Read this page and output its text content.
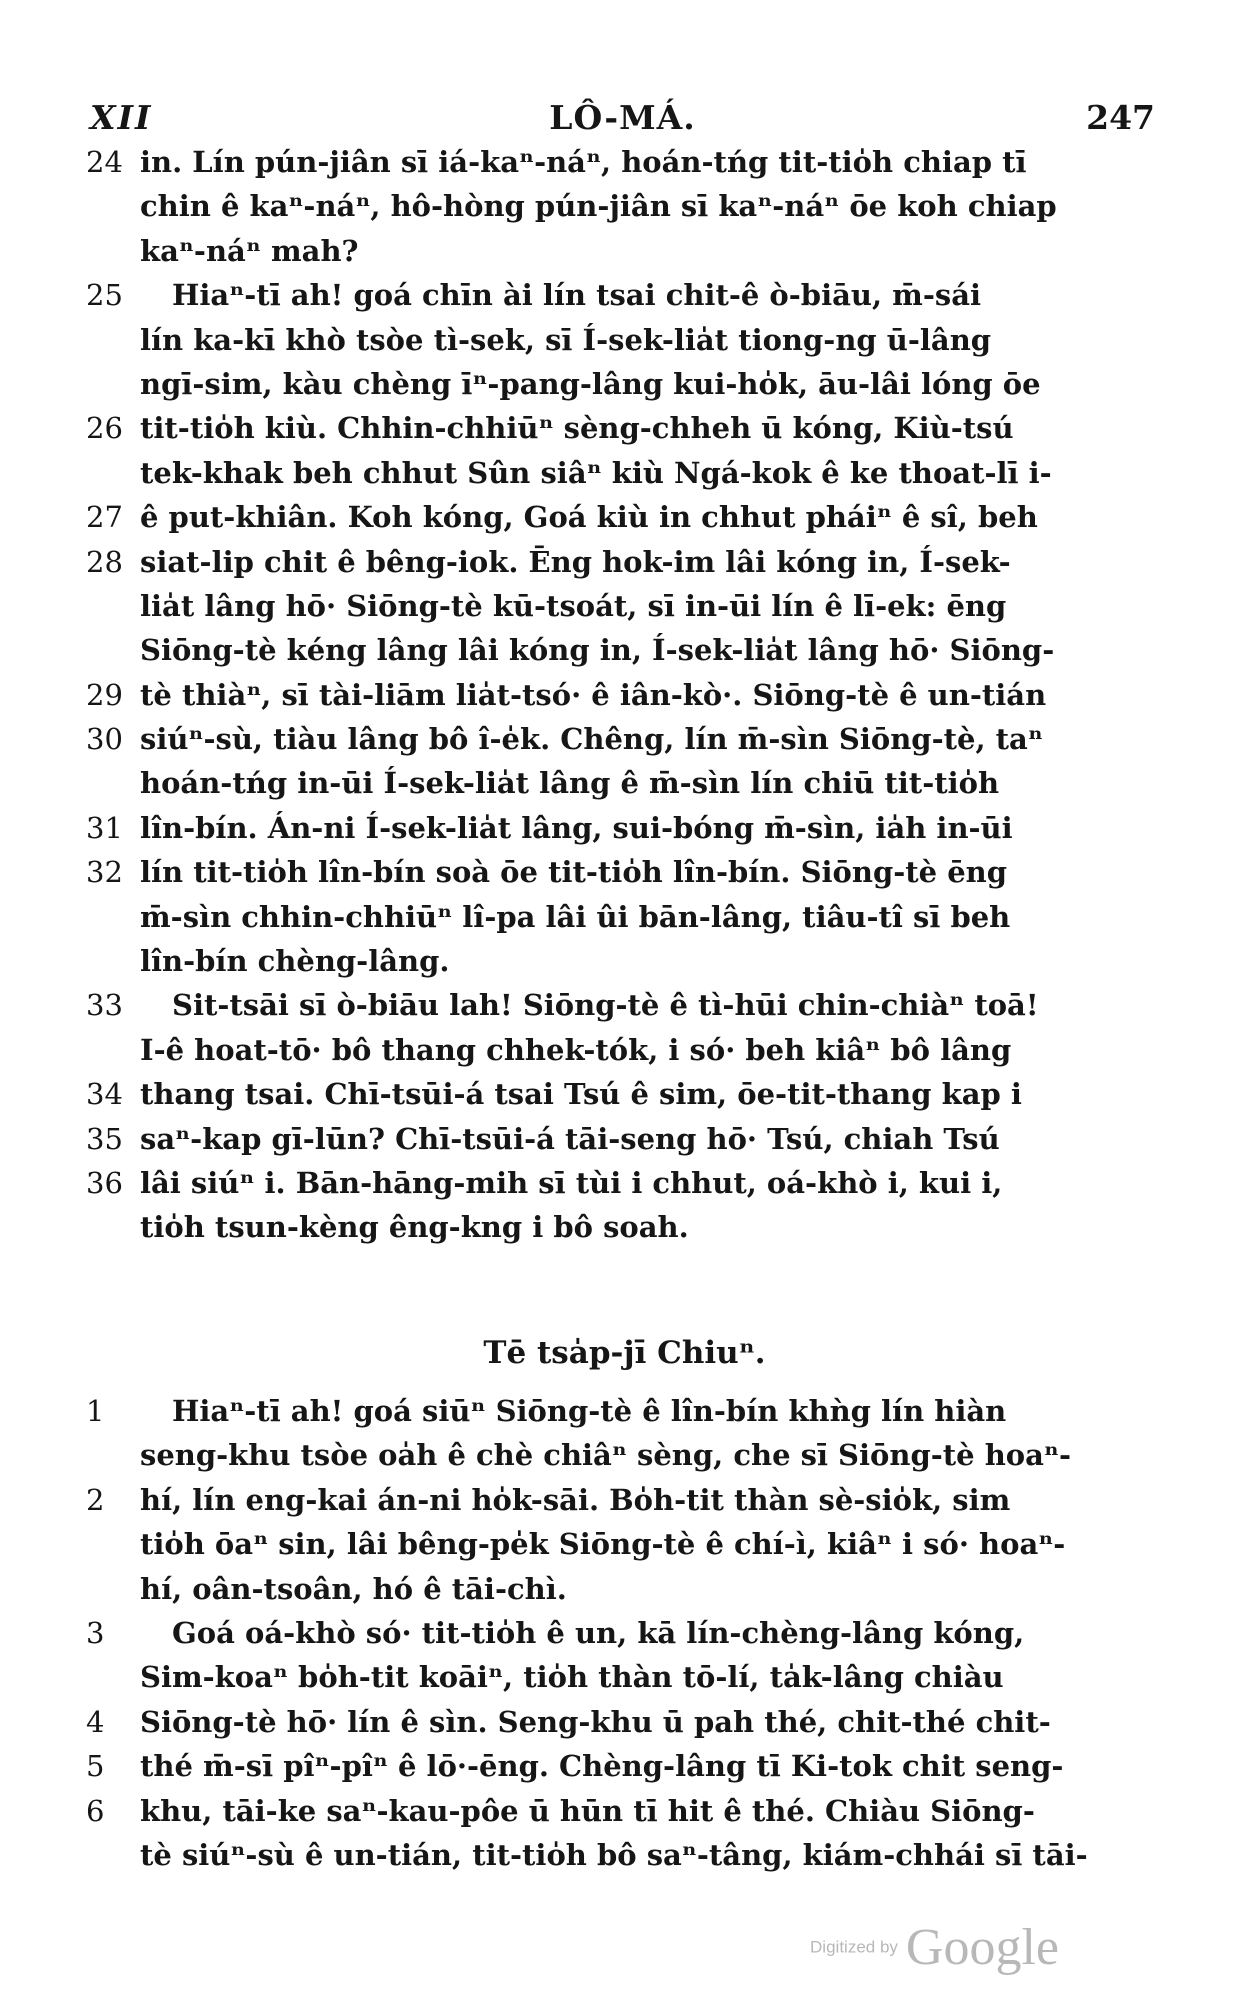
LÔ-MÁ.
XII	247
24 in. Lín pún-jiân sī iá-kaⁿ-náⁿ, hoán-tńg tit-tio̍h chiap tī
chin ê kaⁿ-náⁿ, hô-hòng pún-jiân sī kaⁿ-náⁿ ōe koh chiap
kaⁿ-náⁿ mah?
25 Hiaⁿ-tī ah! goá chīn ài lín tsai chit-ê ò-biāu, m̄-sái
lín ka-kī khò tsòe tì-sek, sī Í-sek-lia̍t tiong-ng ū-lâng
ngī-sim, kàu chèng īⁿ-pang-lâng kui-ho̍k, āu-lâi lóng ōe
26 tit-tio̍h kiù. Chhin-chhiūⁿ sèng-chheh ū kóng, Kiù-tsú
tek-khak beh chhut Sûn siâⁿ kiù Ngá-kok ê ke thoat-lī i-
27 ê put-khiân. Koh kóng, Goá kiù in chhut pháiⁿ ê sî, beh
28 siat-lip chit ê bêng-iok. Ēng hok-im lâi kóng in, Í-sek-
lia̍t lâng hō· Siōng-tè kū-tsoát, sī in-ūi lín ê lī-ek: ēng
Siōng-tè kéng lâng lâi kóng in, Í-sek-lia̍t lâng hō· Siōng-
29 tè thiàⁿ, sī tài-liām lia̍t-tsó· ê iân-kò·. Siōng-tè ê un-tián
30 siúⁿ-sù, tiàu lâng bô î-e̍k. Chêng, lín m̄-sìn Siōng-tè, taⁿ
hoán-tńg in-ūi Í-sek-lia̍t lâng ê m̄-sìn lín chiū tit-tio̍h
31 lîn-bín. Án-ni Í-sek-lia̍t lâng, sui-bóng m̄-sìn, ia̍h in-ūi
32 lín tit-tio̍h lîn-bín soà ōe tit-tio̍h lîn-bín. Siōng-tè ēng
m̄-sìn chhin-chhiūⁿ lî-pa lâi ûi bān-lâng, tiâu-tî sī beh
lîn-bín chèng-lâng.
33 Sit-tsāi sī ò-biāu lah! Siōng-tè ê tì-hūi chin-chiàⁿ toā!
I-ê hoat-tō· bô thang chhek-tók, i só· beh kiâⁿ bô lâng
34 thang tsai. Chī-tsūi-á tsai Tsú ê sim, ōe-tit-thang kap i
35 saⁿ-kap gī-lūn? Chī-tsūi-á tāi-seng hō· Tsú, chiah Tsú
36 lâi siúⁿ i. Bān-hāng-mih sī tùi i chhut, oá-khò i, kui i,
tio̍h tsun-kèng êng-kng i bô soah.
Tē tsa̍p-jī Chiuⁿ.
1	Hiaⁿ-tī ah! goá siūⁿ Siōng-tè ê lîn-bín khǹg lín hiàn
seng-khu tsòe oa̍h ê chè chiâⁿ sèng, che sī Siōng-tè hoaⁿ-
2	hí, lín eng-kai án-ni ho̍k-sāi. Bo̍h-tit thàn sè-sio̍k, sim
tio̍h ōaⁿ sin, lâi bêng-pe̍k Siōng-tè ê chí-ì, kiâⁿ i só· hoaⁿ-
hí, oân-tsoân, hó ê tāi-chì.
3	Goá oá-khò só· tit-tio̍h ê un, kā lín-chèng-lâng kóng,
Sim-koaⁿ bo̍h-tit koāiⁿ, tio̍h thàn tō-lí, ta̍k-lâng chiàu
4	Siōng-tè hō· lín ê sìn. Seng-khu ū pah thé, chit-thé chit-
5	thé m̄-sī pîⁿ-pîⁿ ê lō·-ēng. Chèng-lâng tī Ki-tok chit seng-
6	khu, tāi-ke saⁿ-kau-pôe ū hūn tī hit ê thé. Chiàu Siōng-
tè siúⁿ-sù ê un-tián, tit-tio̍h bô saⁿ-tâng, kiám-chhái sī tāi-
Digitized by Google
